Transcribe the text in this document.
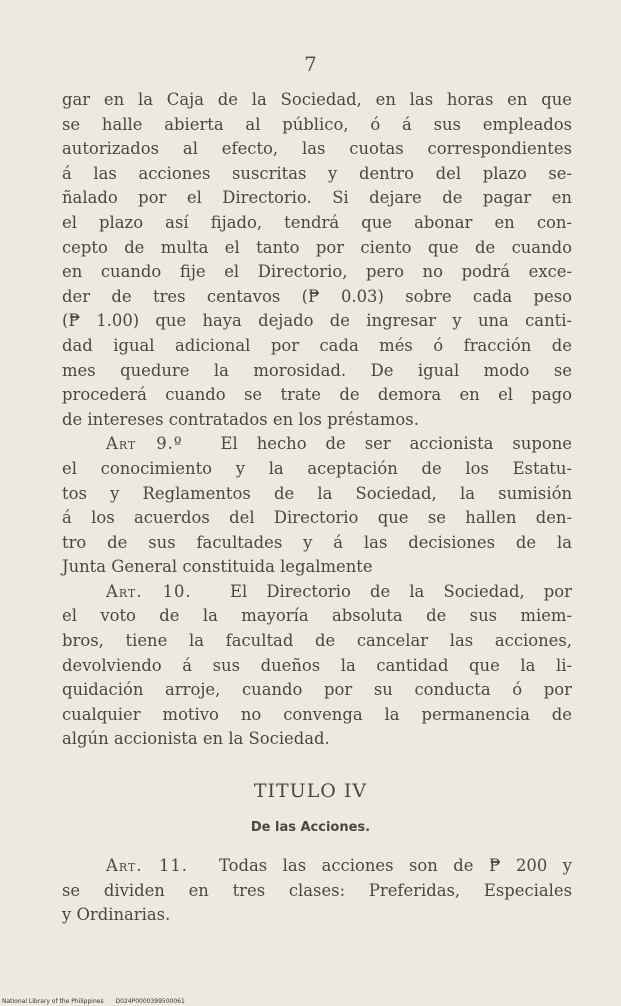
7
gar en la Caja de la Sociedad, en las horas en que
se halle abierta al público, ó á sus empleados
autorizados al efecto, las cuotas correspondientes
á las acciones suscritas y dentro del plazo se-
ñalado por el Directorio. Si dejare de pagar en
el plazo así fijado, tendrá que abonar en con-
cepto de multa el tanto por ciento que de cuando
en cuando fije el Directorio, pero no podrá exce-
der de tres centavos (₱ 0.03) sobre cada peso
(₱ 1.00) que haya dejado de ingresar y una canti-
dad igual adicional por cada més ó fracción de
mes quedure la morosidad. De igual modo se
procederá cuando se trate de demora en el pago
de intereses contratados en los préstamos.
Art 9.º El hecho de ser accionista supone
el conocimiento y la aceptación de los Estatu-
tos y Reglamentos de la Sociedad, la sumisión
á los acuerdos del Directorio que se hallen den-
tro de sus facultades y á las decisiones de la
Junta General constituida legalmente
Art. 10. El Directorio de la Sociedad, por
el voto de la mayoría absoluta de sus miem-
bros, tiene la facultad de cancelar las acciones,
devolviendo á sus dueños la cantidad que la li-
quidación arroje, cuando por su conducta ó por
cualquier motivo no convenga la permanencia de
algún accionista en la Sociedad.
TITULO IV
De las Acciones.
Art. 11. Todas las acciones son de ₱ 200 y
se dividen en tres clases: Preferidas, Especiales
y Ordinarias.
National Library of the Philippines D024P0000399500061
